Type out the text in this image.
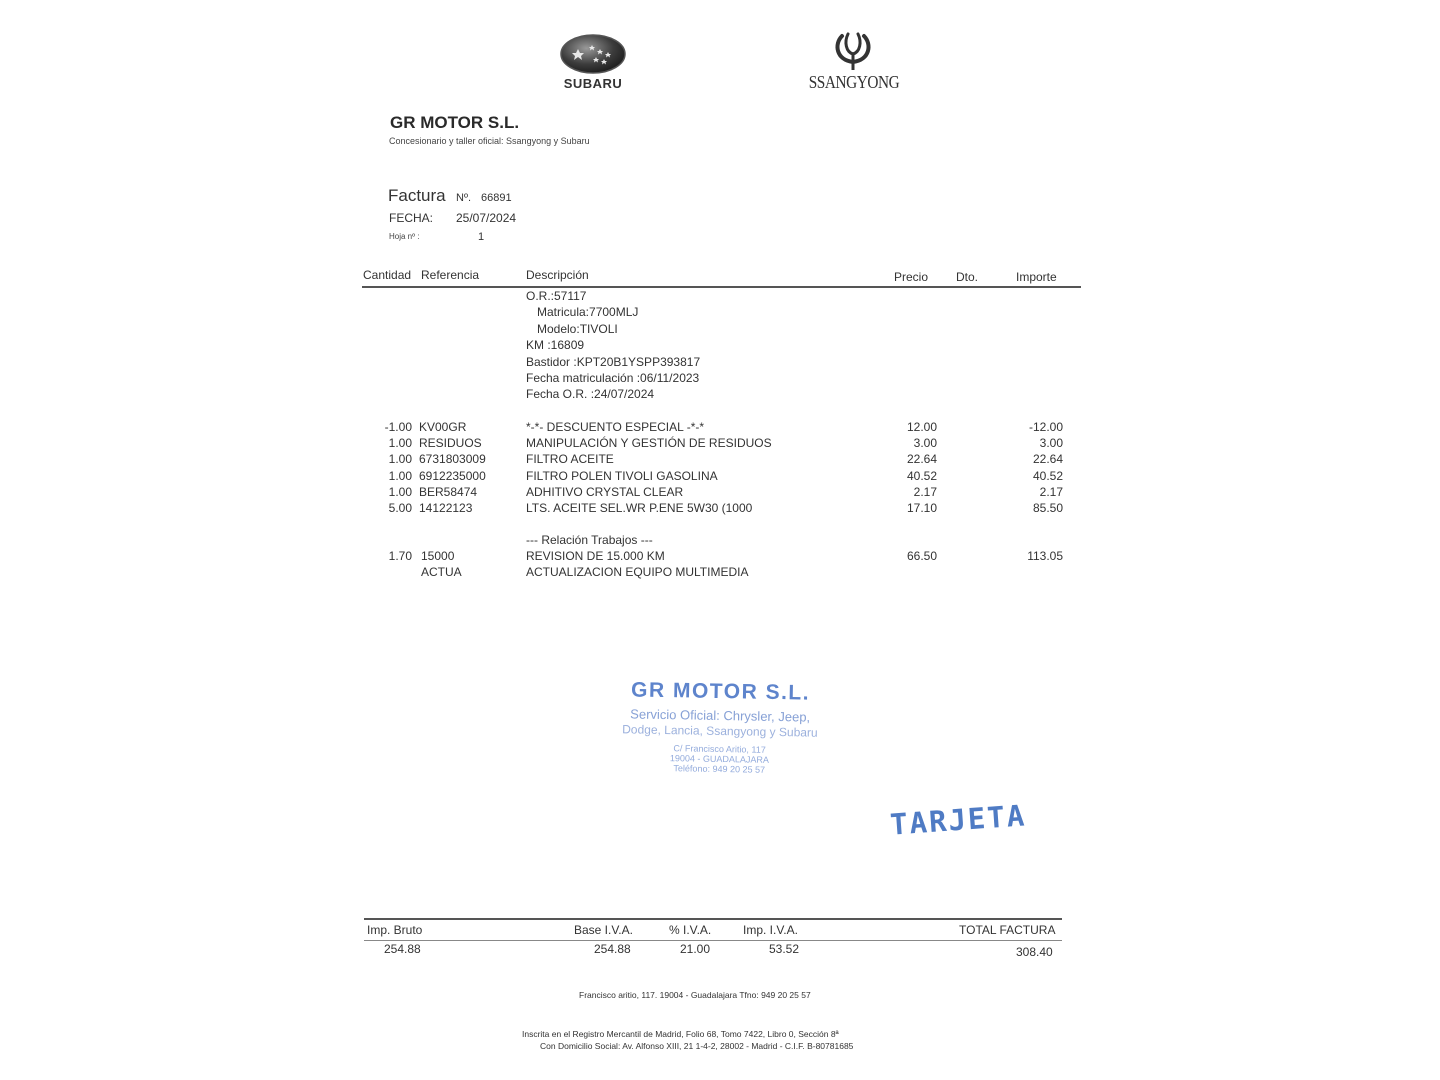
SUBARU	SSANGYONG
GR MOTOR S.L.
Concesionario y taller oficial: Ssangyong y Subaru
Factura Nº. 66891
FECHA: 25/07/2024
Hoja nº :	1
Cantidad Referencia	Descripción	Precio Dto.	Importe
O.R.:57117
Matricula:7700MLJ
Modelo:TIVOLI
KM :16809
Bastidor :KPT20B1YSPP393817
Fecha matriculación :06/11/2023
Fecha O.R. :24/07/2024
-1.00 KV00GR	*-*- DESCUENTO ESPECIAL -*-*	12.00	-12.00
1.00 RESIDUOS	MANIPULACIÓN Y GESTIÓN DE RESIDUOS	3.00	3.00
1.00 6731803009	FILTRO ACEITE	22.64	22.64
1.00 6912235000	FILTRO POLEN TIVOLI GASOLINA	40.52	40.52
1.00 BER58474	ADHITIVO CRYSTAL CLEAR	2.17	2.17
5.00 14122123	LTS. ACEITE SEL.WR P.ENE 5W30 (1000	17.10	85.50
--- Relación Trabajos ---
1.70 15000	REVISION DE 15.000 KM	66.50	113.05
ACTUA	ACTUALIZACION EQUIPO MULTIMEDIA
GR MOTOR S.L.
Servicio Oficial: Chrysler, Jeep,
Dodge, Lancia, Ssangyong y Subaru
C/ Francisco Aritio, 117
19004 - GUADALAJARA
Teléfono: 949 20 25 57
TARJETA
Imp. Bruto	Base I.V.A.	% I.V.A.	Imp. I.V.A.	TOTAL FACTURA
254.88	254.88	21.00	53.52	308.40
Francisco aritio, 117. 19004 - Guadalajara Tfno: 949 20 25 57
Inscrita en el Registro Mercantil de Madrid, Folio 68, Tomo 7422, Libro 0, Sección 8ª
Con Domicilio Social: Av. Alfonso XIII, 21 1-4-2, 28002 - Madrid - C.I.F. B-80781685
